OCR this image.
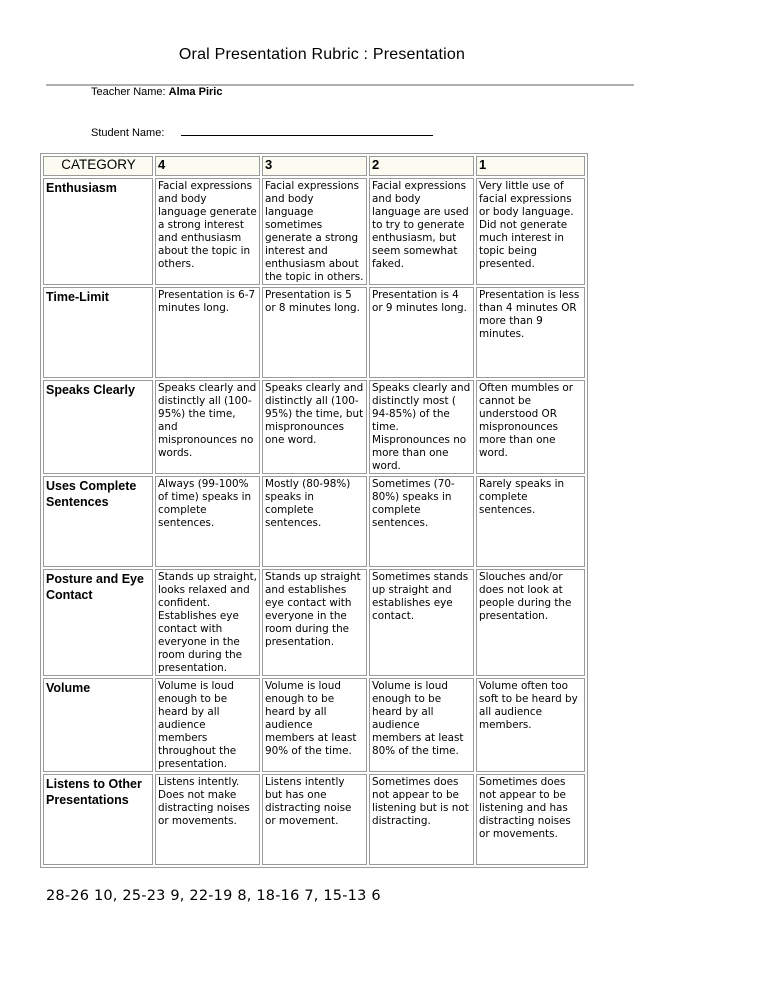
Oral Presentation Rubric : Presentation
Teacher Name: Alma Piric
Student Name:
CATEGORY	4	3	2	1
Enthusiasm	Facial expressions and body language generate a strong interest and enthusiasm about the topic in others.	Facial expressions and body language sometimes generate a strong interest and enthusiasm about the topic in others.	Facial expressions and body language are used to try to generate enthusiasm, but seem somewhat faked.	Very little use of facial expressions or body language. Did not generate much interest in topic being presented.
Time-Limit	Presentation is 6-7 minutes long.	Presentation is 5 or 8 minutes long.	Presentation is 4 or 9 minutes long.	Presentation is less than 4 minutes OR more than 9 minutes.
Speaks Clearly	Speaks clearly and distinctly all (100-95%) the time, and mispronounces no words.	Speaks clearly and distinctly all (100-95%) the time, but mispronounces one word.	Speaks clearly and distinctly most ( 94-85%) of the time. Mispronounces no more than one word.	Often mumbles or cannot be understood OR mispronounces more than one word.
Uses Complete Sentences	Always (99-100% of time) speaks in complete sentences.	Mostly (80-98%) speaks in complete sentences.	Sometimes (70-80%) speaks in complete sentences.	Rarely speaks in complete sentences.
Posture and Eye Contact	Stands up straight, looks relaxed and confident. Establishes eye contact with everyone in the room during the presentation.	Stands up straight and establishes eye contact with everyone in the room during the presentation.	Sometimes stands up straight and establishes eye contact.	Slouches and/or does not look at people during the presentation.
Volume	Volume is loud enough to be heard by all audience members throughout the presentation.	Volume is loud enough to be heard by all audience members at least 90% of the time.	Volume is loud enough to be heard by all audience members at least 80% of the time.	Volume often too soft to be heard by all audience members.
Listens to Other Presentations	Listens intently. Does not make distracting noises or movements.	Listens intently but has one distracting noise or movement.	Sometimes does not appear to be listening but is not distracting.	Sometimes does not appear to be listening and has distracting noises or movements.
28-26 10, 25-23 9, 22-19 8, 18-16 7, 15-13 6
